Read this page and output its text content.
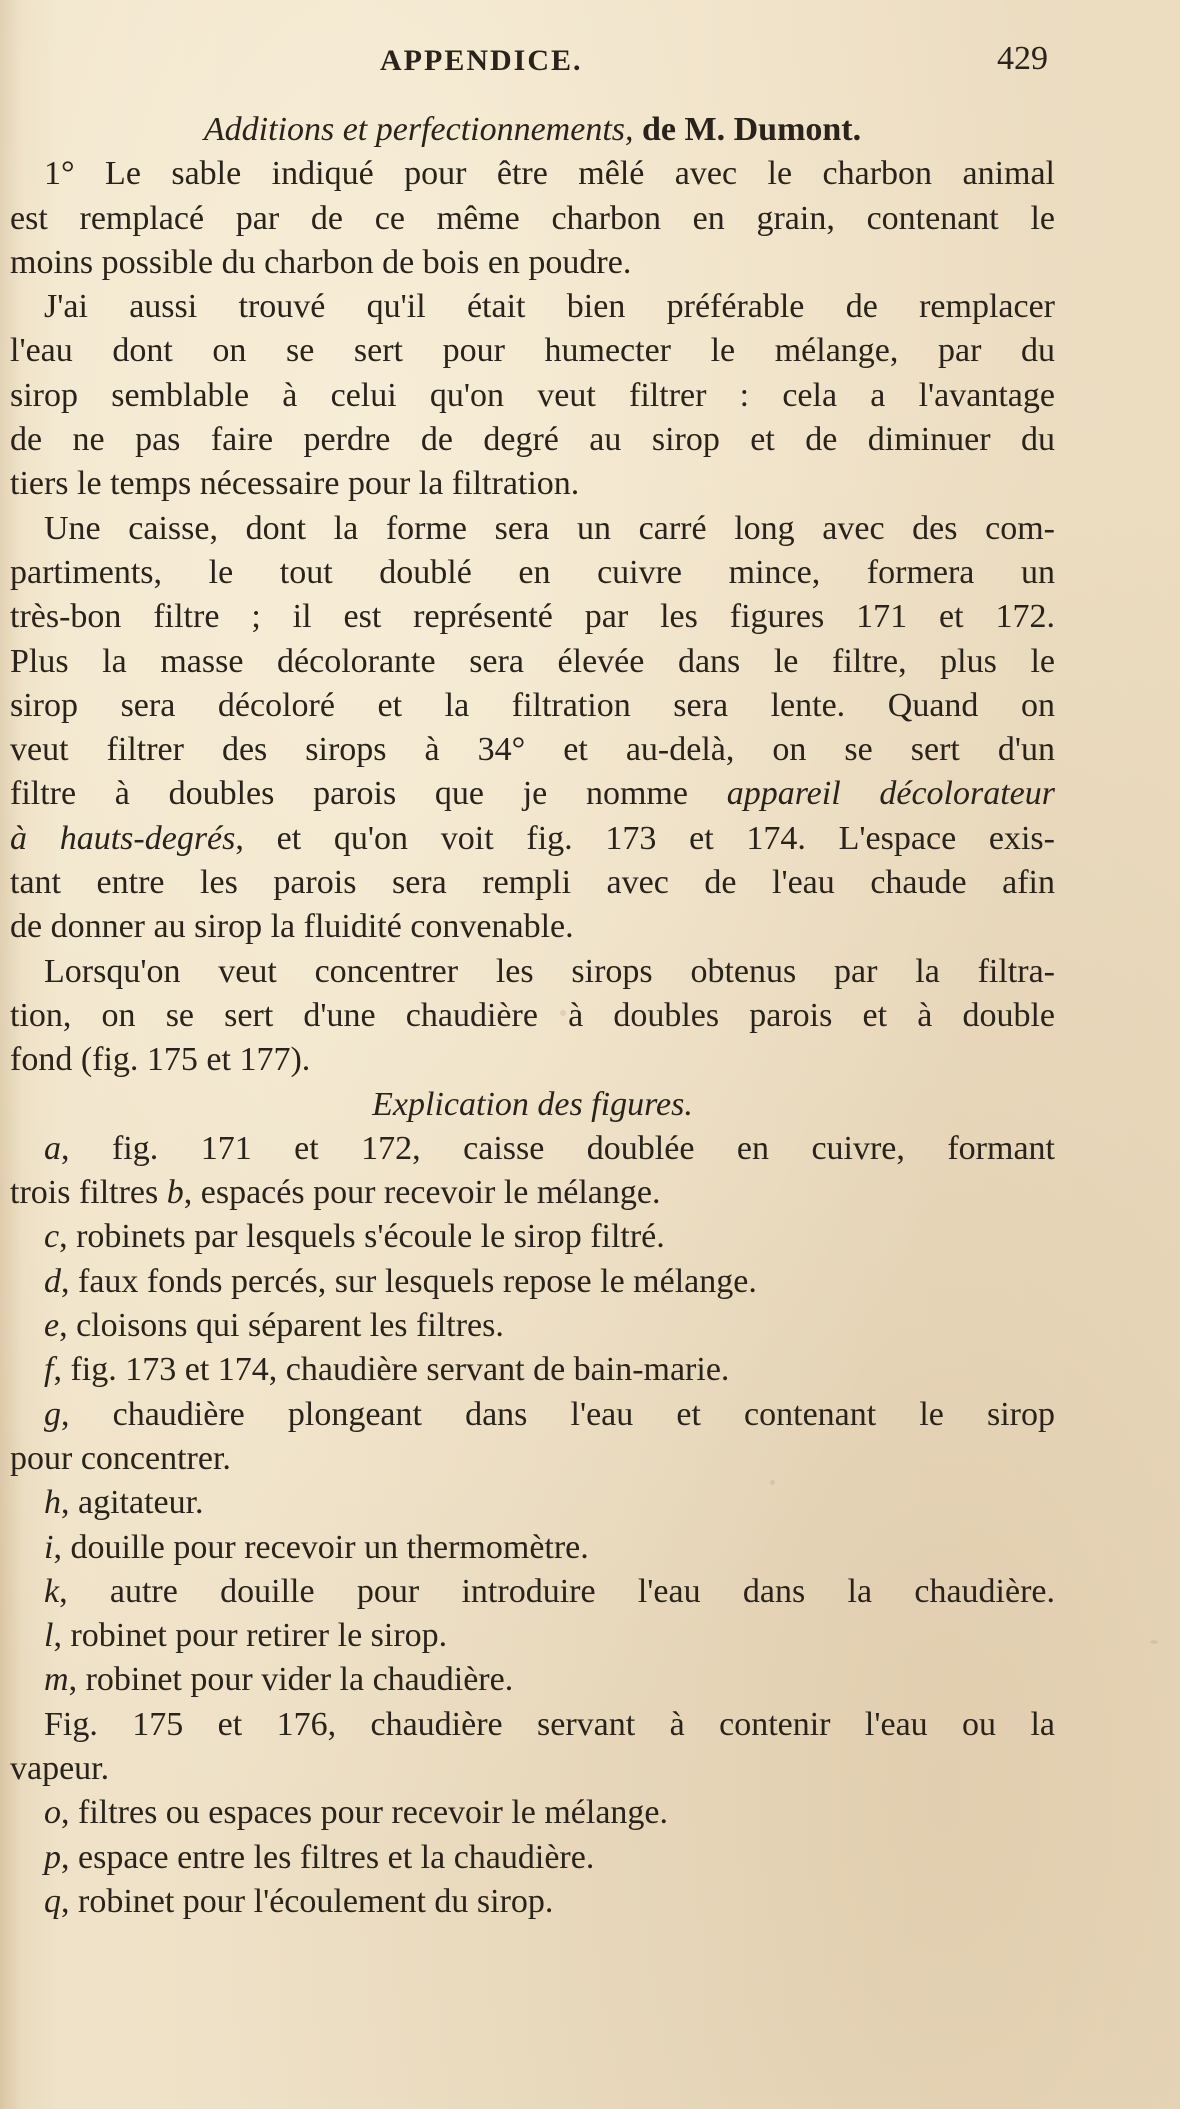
APPENDICE.	429
Additions et perfectionnements, de M. Dumont.
1° Le sable indiqué pour être mêlé avec le charbon animal
est remplacé par de ce même charbon en grain, contenant le
moins possible du charbon de bois en poudre.
J'ai aussi trouvé qu'il était bien préférable de remplacer
l'eau dont on se sert pour humecter le mélange, par du
sirop semblable à celui qu'on veut filtrer : cela a l'avantage
de ne pas faire perdre de degré au sirop et de diminuer du
tiers le temps nécessaire pour la filtration.
Une caisse, dont la forme sera un carré long avec des com-
partiments, le tout doublé en cuivre mince, formera un
très-bon filtre ; il est représenté par les figures 171 et 172.
Plus la masse décolorante sera élevée dans le filtre, plus le
sirop sera décoloré et la filtration sera lente. Quand on
veut filtrer des sirops à 34° et au-delà, on se sert d'un
filtre à doubles parois que je nomme appareil décolorateur
à hauts-degrés, et qu'on voit fig. 173 et 174. L'espace exis-
tant entre les parois sera rempli avec de l'eau chaude afin
de donner au sirop la fluidité convenable.
Lorsqu'on veut concentrer les sirops obtenus par la filtra-
tion, on se sert d'une chaudière à doubles parois et à double
fond (fig. 175 et 177).
Explication des figures.
a, fig. 171 et 172, caisse doublée en cuivre, formant
trois filtres b, espacés pour recevoir le mélange.
c, robinets par lesquels s'écoule le sirop filtré.
d, faux fonds percés, sur lesquels repose le mélange.
e, cloisons qui séparent les filtres.
f, fig. 173 et 174, chaudière servant de bain-marie.
g, chaudière plongeant dans l'eau et contenant le sirop
pour concentrer.
h, agitateur.
i, douille pour recevoir un thermomètre.
k, autre douille pour introduire l'eau dans la chaudière.
l, robinet pour retirer le sirop.
m, robinet pour vider la chaudière.
Fig. 175 et 176, chaudière servant à contenir l'eau ou la
vapeur.
o, filtres ou espaces pour recevoir le mélange.
p, espace entre les filtres et la chaudière.
q, robinet pour l'écoulement du sirop.
